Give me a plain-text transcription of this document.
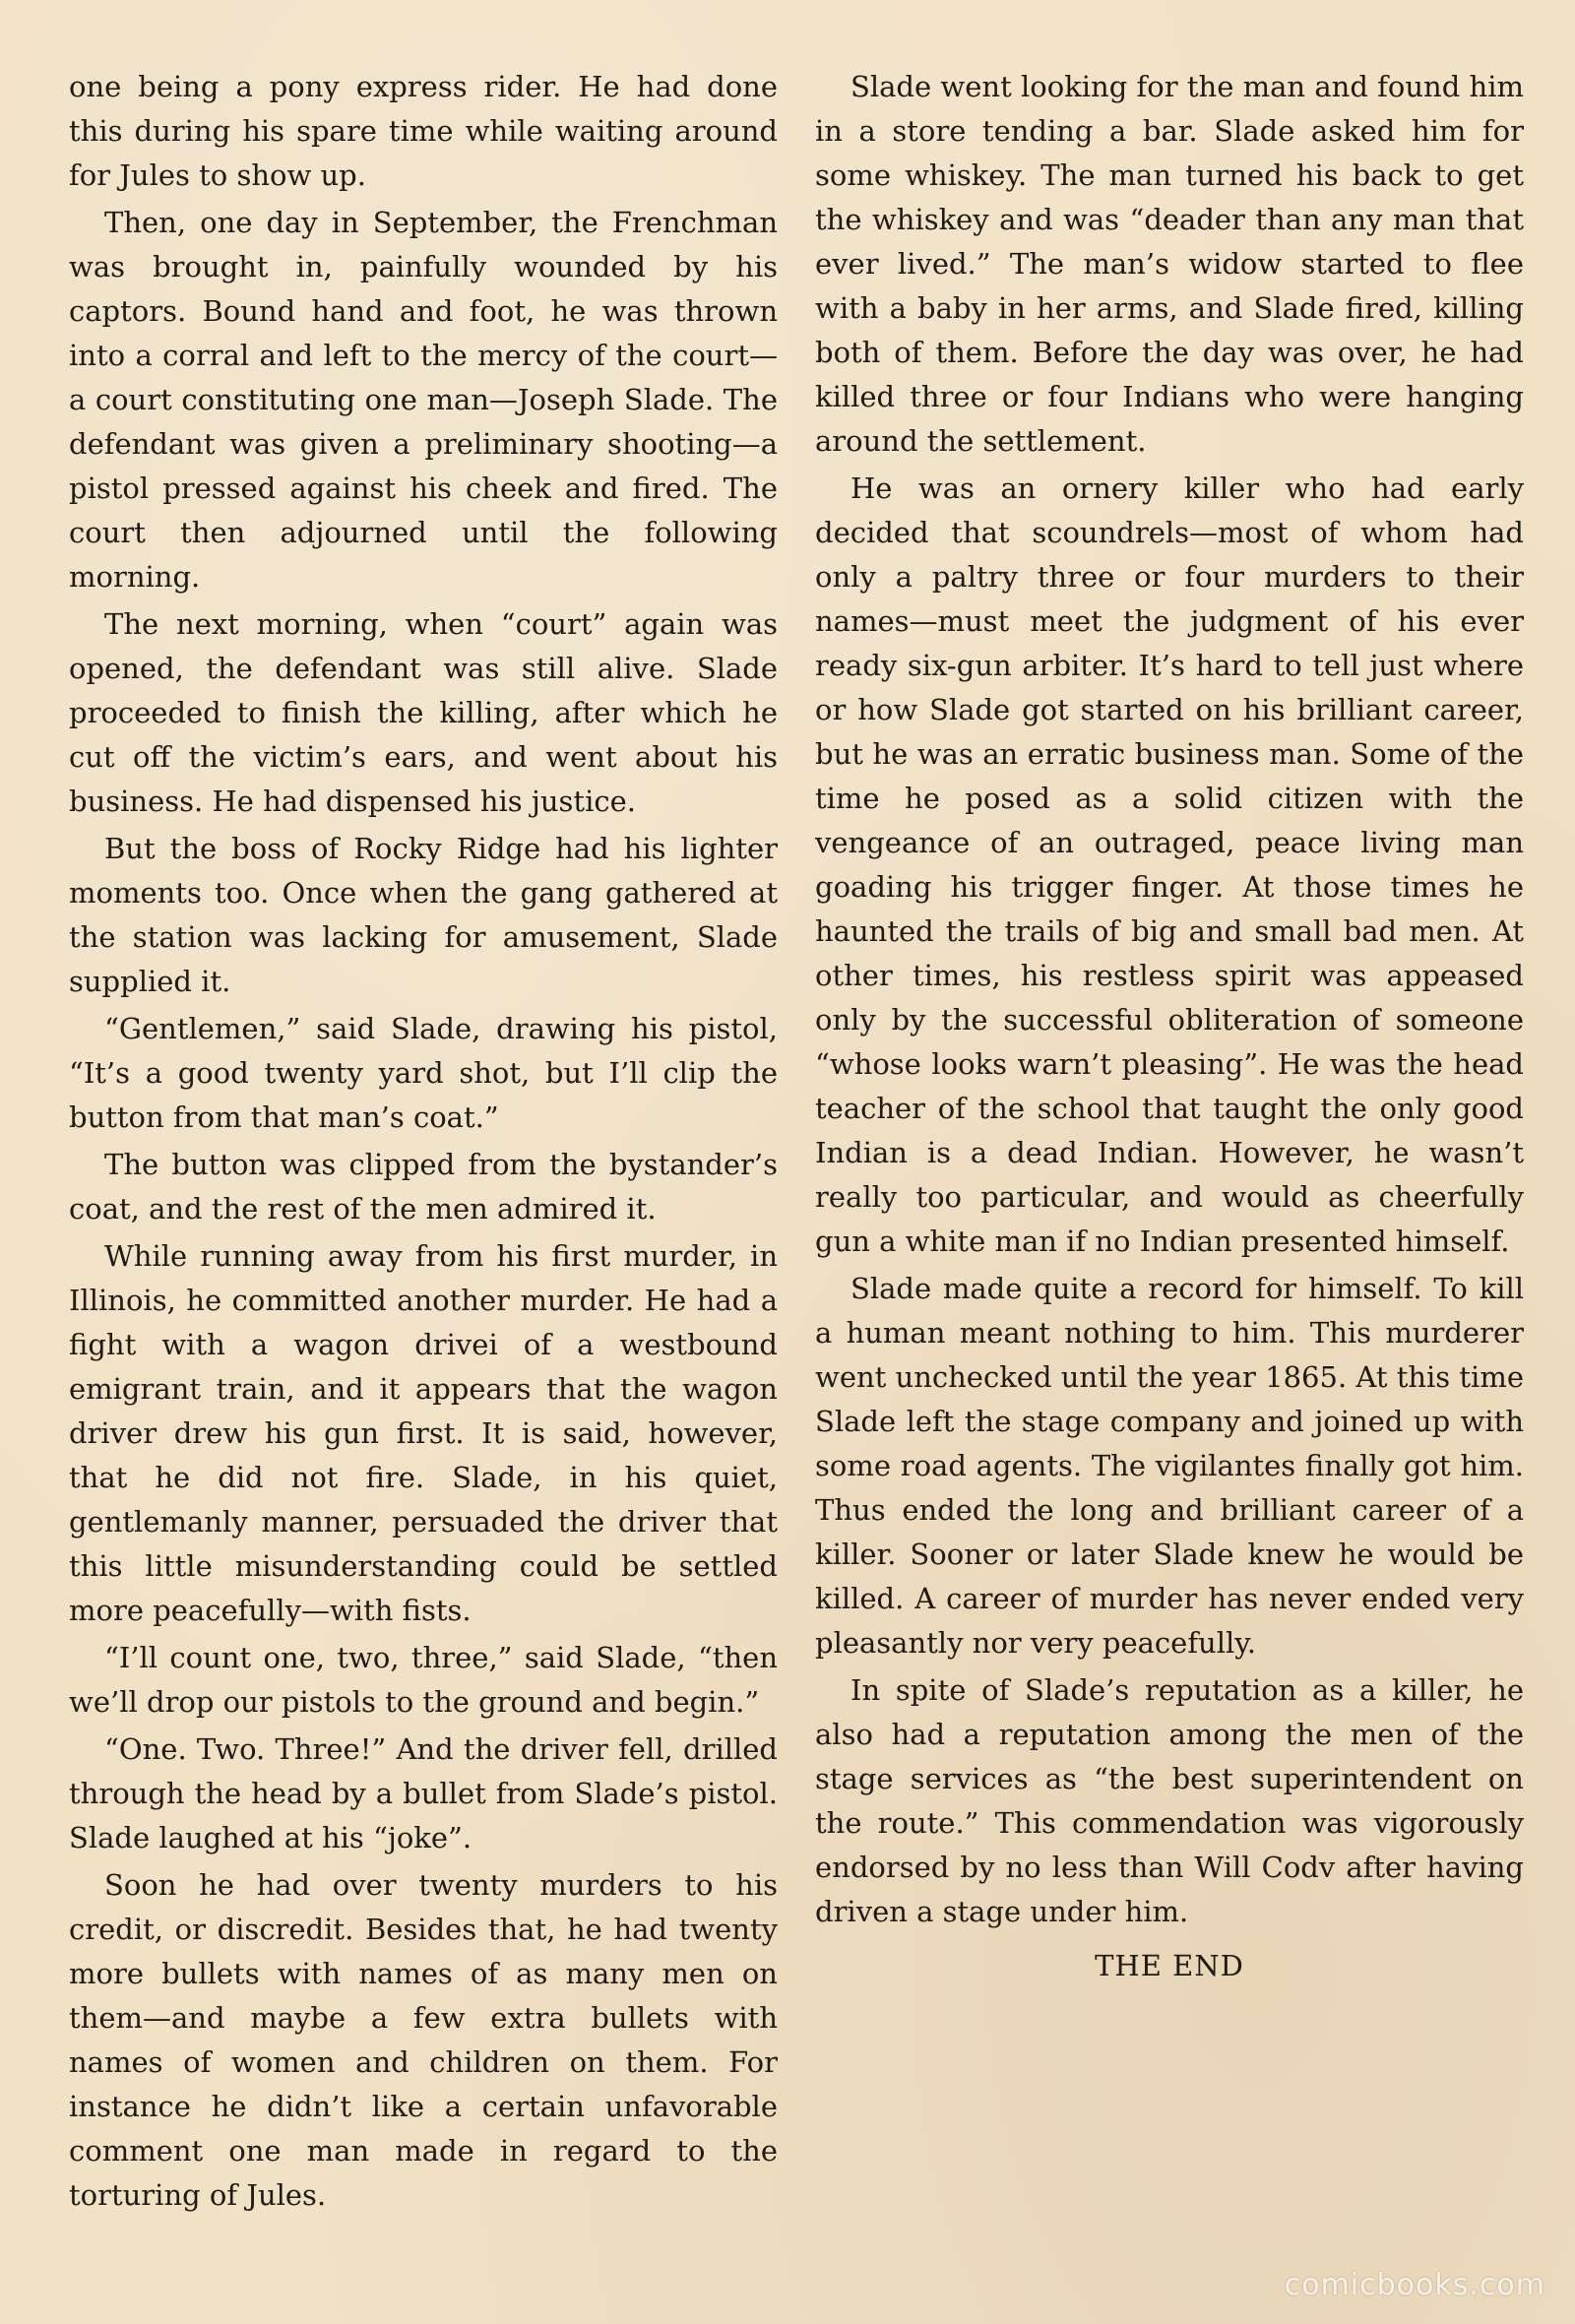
one being a pony express rider. He had done this during his spare time while waiting around for Jules to show up.

Then, one day in September, the Frenchman was brought in, painfully wounded by his captors. Bound hand and foot, he was thrown into a corral and left to the mercy of the court—a court constituting one man—Joseph Slade. The defendant was given a preliminary shooting—a pistol pressed against his cheek and fired. The court then adjourned until the following morning.

The next morning, when “court” again was opened, the defendant was still alive. Slade proceeded to finish the killing, after which he cut off the victim’s ears, and went about his business. He had dispensed his justice.

But the boss of Rocky Ridge had his lighter moments too. Once when the gang gathered at the station was lacking for amusement, Slade supplied it.

“Gentlemen,” said Slade, drawing his pistol, “It’s a good twenty yard shot, but I’ll clip the button from that man’s coat.”

The button was clipped from the bystander’s coat, and the rest of the men admired it.

While running away from his first murder, in Illinois, he committed another murder. He had a fight with a wagon drivei of a westbound emigrant train, and it appears that the wagon driver drew his gun first. It is said, however, that he did not fire. Slade, in his quiet, gentlemanly manner, persuaded the driver that this little misunderstanding could be settled more peacefully—with fists.

“I’ll count one, two, three,” said Slade, “then we’ll drop our pistols to the ground and begin.”

“One. Two. Three!” And the driver fell, drilled through the head by a bullet from Slade’s pistol. Slade laughed at his “joke”.

Soon he had over twenty murders to his credit, or discredit. Besides that, he had twenty more bullets with names of as many men on them—and maybe a few extra bullets with names of women and children on them. For instance he didn’t like a certain unfavorable comment one man made in regard to the torturing of Jules.

Slade went looking for the man and found him in a store tending a bar. Slade asked him for some whiskey. The man turned his back to get the whiskey and was “deader than any man that ever lived.” The man’s widow started to flee with a baby in her arms, and Slade fired, killing both of them. Before the day was over, he had killed three or four Indians who were hanging around the settlement.

He was an ornery killer who had early decided that scoundrels—most of whom had only a paltry three or four murders to their names—must meet the judgment of his ever ready six-gun arbiter. It’s hard to tell just where or how Slade got started on his brilliant career, but he was an erratic business man. Some of the time he posed as a solid citizen with the vengeance of an outraged, peace living man goading his trigger finger. At those times he haunted the trails of big and small bad men. At other times, his restless spirit was appeased only by the successful obliteration of someone “whose looks warn’t pleasing”. He was the head teacher of the school that taught the only good Indian is a dead Indian. However, he wasn’t really too particular, and would as cheerfully gun a white man if no Indian presented himself.

Slade made quite a record for himself. To kill a human meant nothing to him. This murderer went unchecked until the year 1865. At this time Slade left the stage company and joined up with some road agents. The vigilantes finally got him. Thus ended the long and brilliant career of a killer. Sooner or later Slade knew he would be killed. A career of murder has never ended very pleasantly nor very peacefully.

In spite of Slade’s reputation as a killer, he also had a reputation among the men of the stage services as “the best superintendent on the route.” This commendation was vigorously endorsed by no less than Will Codv after having driven a stage under him.

THE END

comicbooks.com
